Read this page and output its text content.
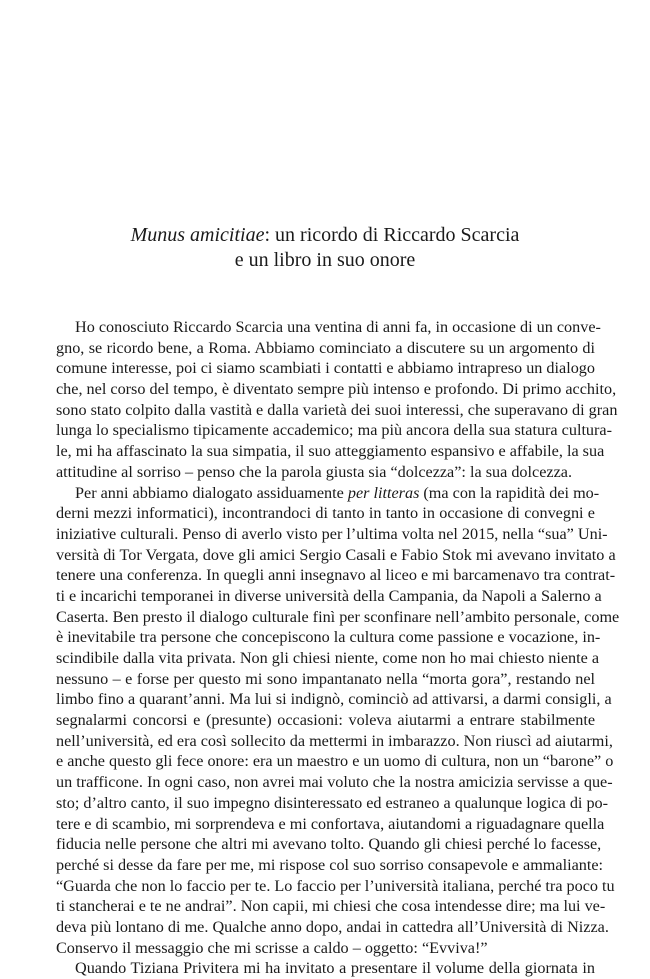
Munus amicitiae: un ricordo di Riccardo Scarcia
e un libro in suo onore
Ho conosciuto Riccardo Scarcia una ventina di anni fa, in occasione di un conve-
gno, se ricordo bene, a Roma. Abbiamo cominciato a discutere su un argomento di
comune interesse, poi ci siamo scambiati i contatti e abbiamo intrapreso un dialogo
che, nel corso del tempo, è diventato sempre più intenso e profondo. Di primo acchito,
sono stato colpito dalla vastità e dalla varietà dei suoi interessi, che superavano di gran
lunga lo specialismo tipicamente accademico; ma più ancora della sua statura cultura-
le, mi ha affascinato la sua simpatia, il suo atteggiamento espansivo e affabile, la sua
attitudine al sorriso – penso che la parola giusta sia “dolcezza”: la sua dolcezza.
Per anni abbiamo dialogato assiduamente per litteras (ma con la rapidità dei mo-
derni mezzi informatici), incontrandoci di tanto in tanto in occasione di convegni e
iniziative culturali. Penso di averlo visto per l’ultima volta nel 2015, nella “sua” Uni-
versità di Tor Vergata, dove gli amici Sergio Casali e Fabio Stok mi avevano invitato a
tenere una conferenza. In quegli anni insegnavo al liceo e mi barcamenavo tra contrat-
ti e incarichi temporanei in diverse università della Campania, da Napoli a Salerno a
Caserta. Ben presto il dialogo culturale finì per sconfinare nell’ambito personale, come
è inevitabile tra persone che concepiscono la cultura come passione e vocazione, in-
scindibile dalla vita privata. Non gli chiesi niente, come non ho mai chiesto niente a
nessuno – e forse per questo mi sono impantanato nella “morta gora”, restando nel
limbo fino a quarant’anni. Ma lui si indignò, cominciò ad attivarsi, a darmi consigli, a
segnalarmi concorsi e (presunte) occasioni: voleva aiutarmi a entrare stabilmente
nell’università, ed era così sollecito da mettermi in imbarazzo. Non riuscì ad aiutarmi,
e anche questo gli fece onore: era un maestro e un uomo di cultura, non un “barone” o
un trafficone. In ogni caso, non avrei mai voluto che la nostra amicizia servisse a que-
sto; d’altro canto, il suo impegno disinteressato ed estraneo a qualunque logica di po-
tere e di scambio, mi sorprendeva e mi confortava, aiutandomi a riguadagnare quella
fiducia nelle persone che altri mi avevano tolto. Quando gli chiesi perché lo facesse,
perché si desse da fare per me, mi rispose col suo sorriso consapevole e ammaliante:
“Guarda che non lo faccio per te. Lo faccio per l’università italiana, perché tra poco tu
ti stancherai e te ne andrai”. Non capii, mi chiesi che cosa intendesse dire; ma lui ve-
deva più lontano di me. Qualche anno dopo, andai in cattedra all’Università di Nizza.
Conservo il messaggio che mi scrisse a caldo – oggetto: “Evviva!”
Quando Tiziana Privitera mi ha invitato a presentare il volume della giornata in
